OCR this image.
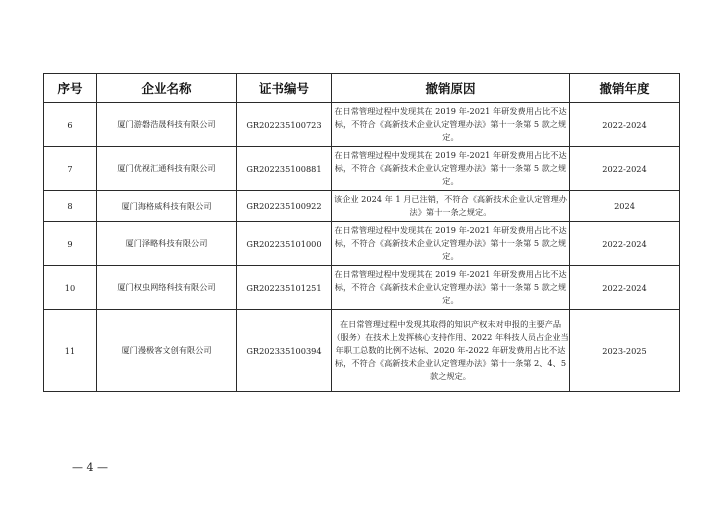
序号	企业名称	证书编号	撤销原因	撤销年度
6	厦门游磐浩晟科技有限公司	GR202235100723	在日常管理过程中发现其在 2019 年-2021 年研发费用占比不达标，不符合《高新技术企业认定管理办法》第十一条第 5 款之规定。	2022-2024
7	厦门优视汇通科技有限公司	GR202235100881	在日常管理过程中发现其在 2019 年-2021 年研发费用占比不达标，不符合《高新技术企业认定管理办法》第十一条第 5 款之规定。	2022-2024
8	厦门海格威科技有限公司	GR202235100922	该企业 2024 年 1 月已注销，不符合《高新技术企业认定管理办法》第十一条之规定。	2024
9	厦门泽略科技有限公司	GR202235101000	在日常管理过程中发现其在 2019 年-2021 年研发费用占比不达标，不符合《高新技术企业认定管理办法》第十一条第 5 款之规定。	2022-2024
10	厦门权虫网络科技有限公司	GR202235101251	在日常管理过程中发现其在 2019 年-2021 年研发费用占比不达标，不符合《高新技术企业认定管理办法》第十一条第 5 款之规定。	2022-2024
11	厦门漫极客文创有限公司	GR202335100394	在日常管理过程中发现其取得的知识产权未对申报的主要产品（服务）在技术上发挥核心支持作用、2022 年科技人员占企业当年职工总数的比例不达标、2020 年-2022 年研发费用占比不达标，不符合《高新技术企业认定管理办法》第十一条第 2、4、5 款之规定。	2023-2025
— 4 —
